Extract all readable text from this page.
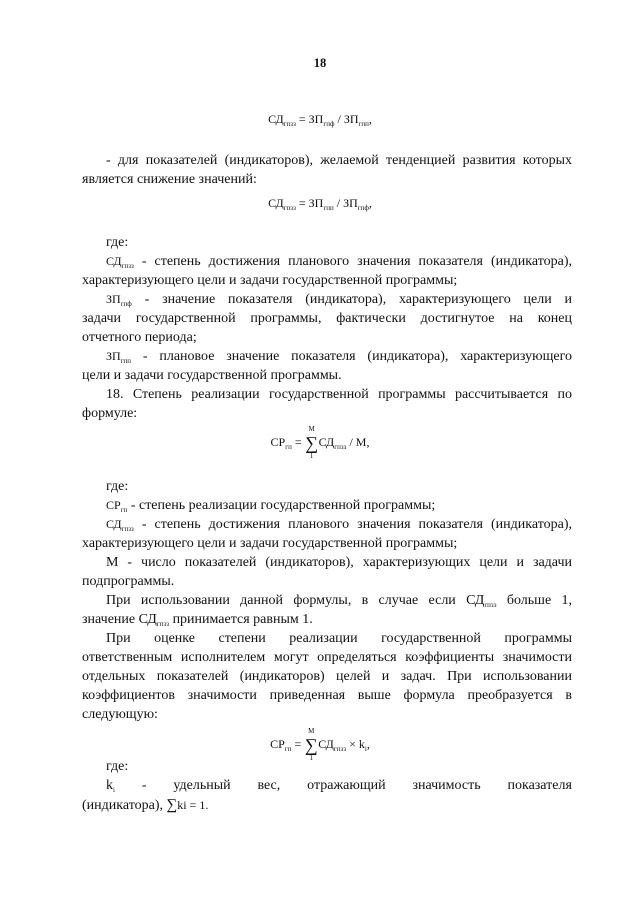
18
$СД_{гпзз} = ЗП_{гпф} / ЗП_{гпп}$,
- для показателей (индикаторов), желаемой тенденцией развития которых
является снижение значений:
$СД_{гпзз} = ЗП_{гпп} / ЗП_{гпф}$,
где:
$СД_{гпзз}$ - степень достижения планового значения показателя (индикатора),
характеризующего цели и задачи государственной программы;
$ЗП_{гпф}$ - значение показателя (индикатора), характеризующего цели и
задачи государственной программы, фактически достигнутое на конец
отчетного периода;
$ЗП_{гпп}$ - плановое значение показателя (индикатора), характеризующего
цели и задачи государственной программы.
18. Степень реализации государственной программы рассчитывается по
формуле:
$СР_{гп}$ =
M
∑
1
$СД_{гпзз}$ / M,
где:
$СР_{гп}$ - степень реализации государственной программы;
$СД_{гпзз}$ - степень достижения планового значения показателя (индикатора),
характеризующего цели и задачи государственной программы;
М - число показателей (индикаторов), характеризующих цели и задачи
подпрограммы.
При использовании данной формулы, в случае если $СД_{гпзз}$ больше 1,
значение $СД_{гпзз}$ принимается равным 1.
При оценке степени реализации государственной программы
ответственным исполнителем могут определяться коэффициенты значимости
отдельных показателей (индикаторов) целей и задач. При использовании
коэффициентов значимости приведенная выше формула преобразуется в
следующую:
$СР_{гп}$ =
M
∑
1
$СД_{гпзз} \times k_i$,
где:
$k_i$ - удельный вес, отражающий значимость показателя
(индикатора), ∑ki = 1.
